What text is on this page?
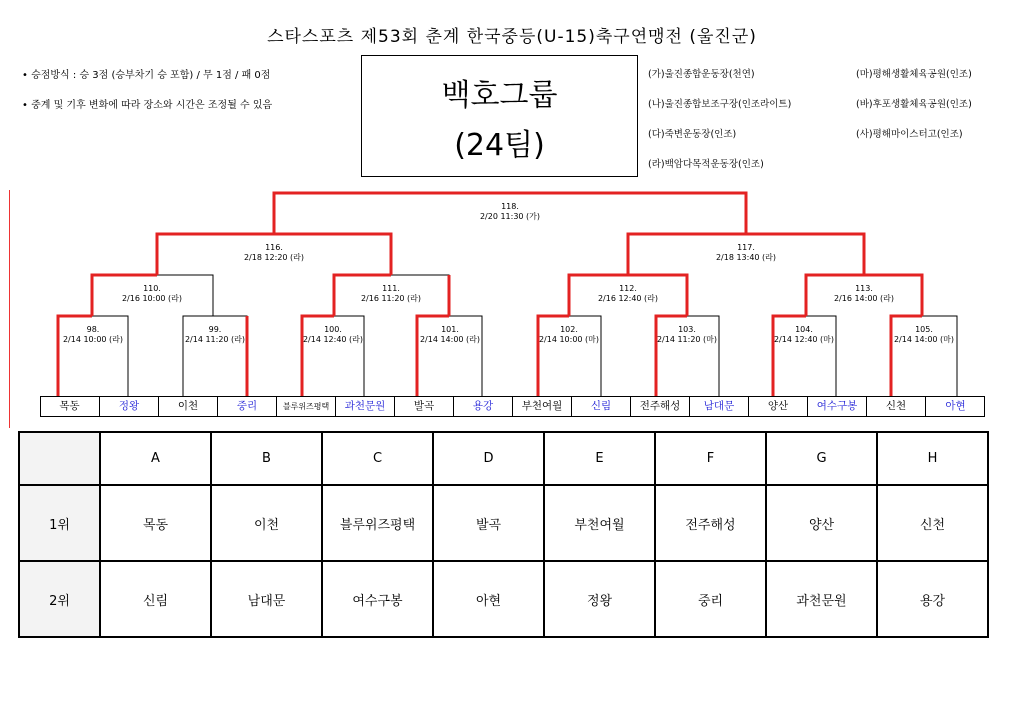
스타스포츠 제53회 춘계 한국중등(U-15)축구연맹전 (울진군)
• 승점방식 : 승 3점 (승부차기 승 포함) / 무 1점 / 패 0점
• 중계 및 기후 변화에 따라 장소와 시간은 조정될 수 있음	백호그룹
(24팀)
(가)울진종합운동장(천연)
(나)울진종합보조구장(인조라이트)
(다)죽변운동장(인조)
(라)백암다목적운동장(인조)
(마)평해생활체육공원(인조)
(바)후포생활체육공원(인조)
(사)평해마이스터고(인조)
118.
2/20 11:30 (가)
116.
2/18 12:20 (라)
117.
2/18 13:40 (라)
110.
2/16 10:00 (라)
111.
2/16 11:20 (라)
112.
2/16 12:40 (라)
113.
2/16 14:00 (라)
98.
2/14 10:00 (라)
99.
2/14 11:20 (라)
100.
2/14 12:40 (라)
101.
2/14 14:00 (라)
102.
2/14 10:00 (마)
103.
2/14 11:20 (마)
104.
2/14 12:40 (마)
105.
2/14 14:00 (마)
목동	정왕	이천	중리	블루위즈평택	과천문원	발곡	용강	부천여월	신림	전주해성	남대문	양산	여수구봉	신천	아현
	A	B	C	D	E	F	G	H
1위	목동	이천	블루위즈평택	발곡	부천여월	전주해성	양산	신천
2위	신림	남대문	여수구봉	아현	정왕	중리	과천문원	용강
